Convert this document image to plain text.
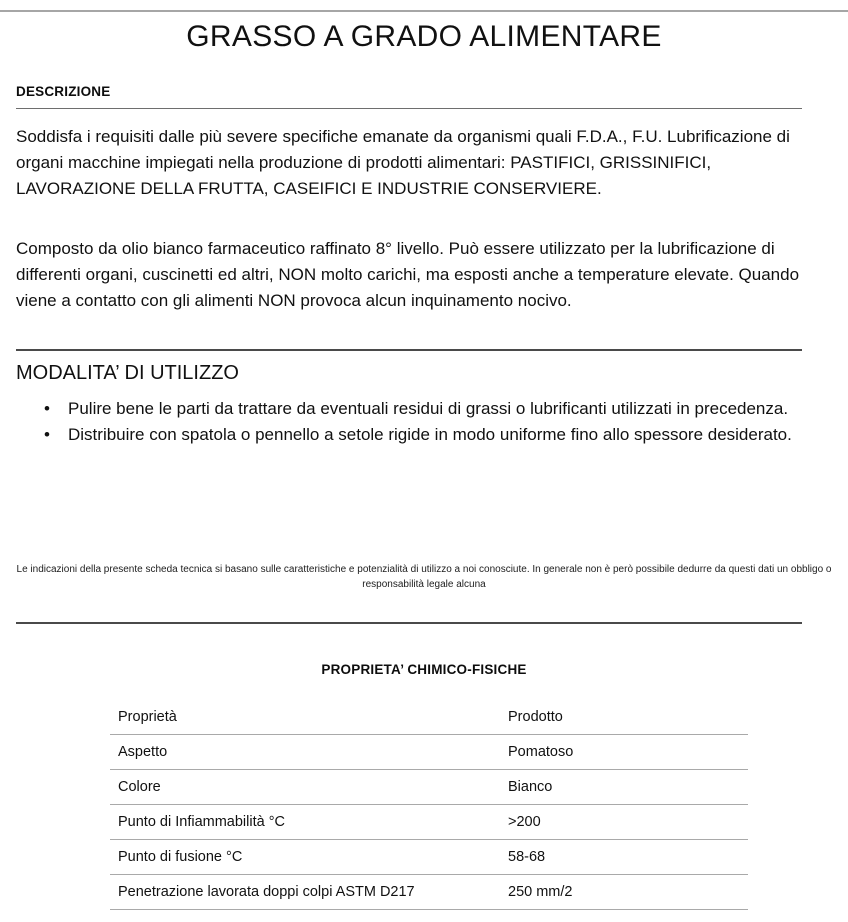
GRASSO A GRADO ALIMENTARE
DESCRIZIONE
Soddisfa i requisiti dalle più severe specifiche emanate da organismi quali F.D.A., F.U. Lubrificazione di organi macchine impiegati nella produzione di prodotti alimentari: PASTIFICI, GRISSINIFICI, LAVORAZIONE DELLA FRUTTA, CASEIFICI E INDUSTRIE CONSERVIERE.
Composto da olio bianco farmaceutico raffinato 8° livello. Può essere utilizzato per la lubrificazione di differenti organi, cuscinetti ed altri, NON molto carichi, ma esposti anche a temperature elevate. Quando viene a contatto con gli alimenti NON provoca alcun inquinamento nocivo.
MODALITA’ DI UTILIZZO
• Pulire bene le parti da trattare da eventuali residui di grassi o lubrificanti utilizzati in precedenza.
• Distribuire con spatola o pennello a setole rigide in modo uniforme fino allo spessore desiderato.
Le indicazioni della presente scheda tecnica si basano sulle caratteristiche e potenzialità di utilizzo a noi conosciute. In generale non è però possibile dedurre da questi dati un obbligo o responsabilità legale alcuna
PROPRIETA’ CHIMICO-FISICHE
Proprietà	Prodotto
Aspetto	Pomatoso
Colore	Bianco
Punto di Infiammabilità °C	>200
Punto di fusione °C	58-68
Penetrazione lavorata doppi colpi ASTM D217	250 mm/2
